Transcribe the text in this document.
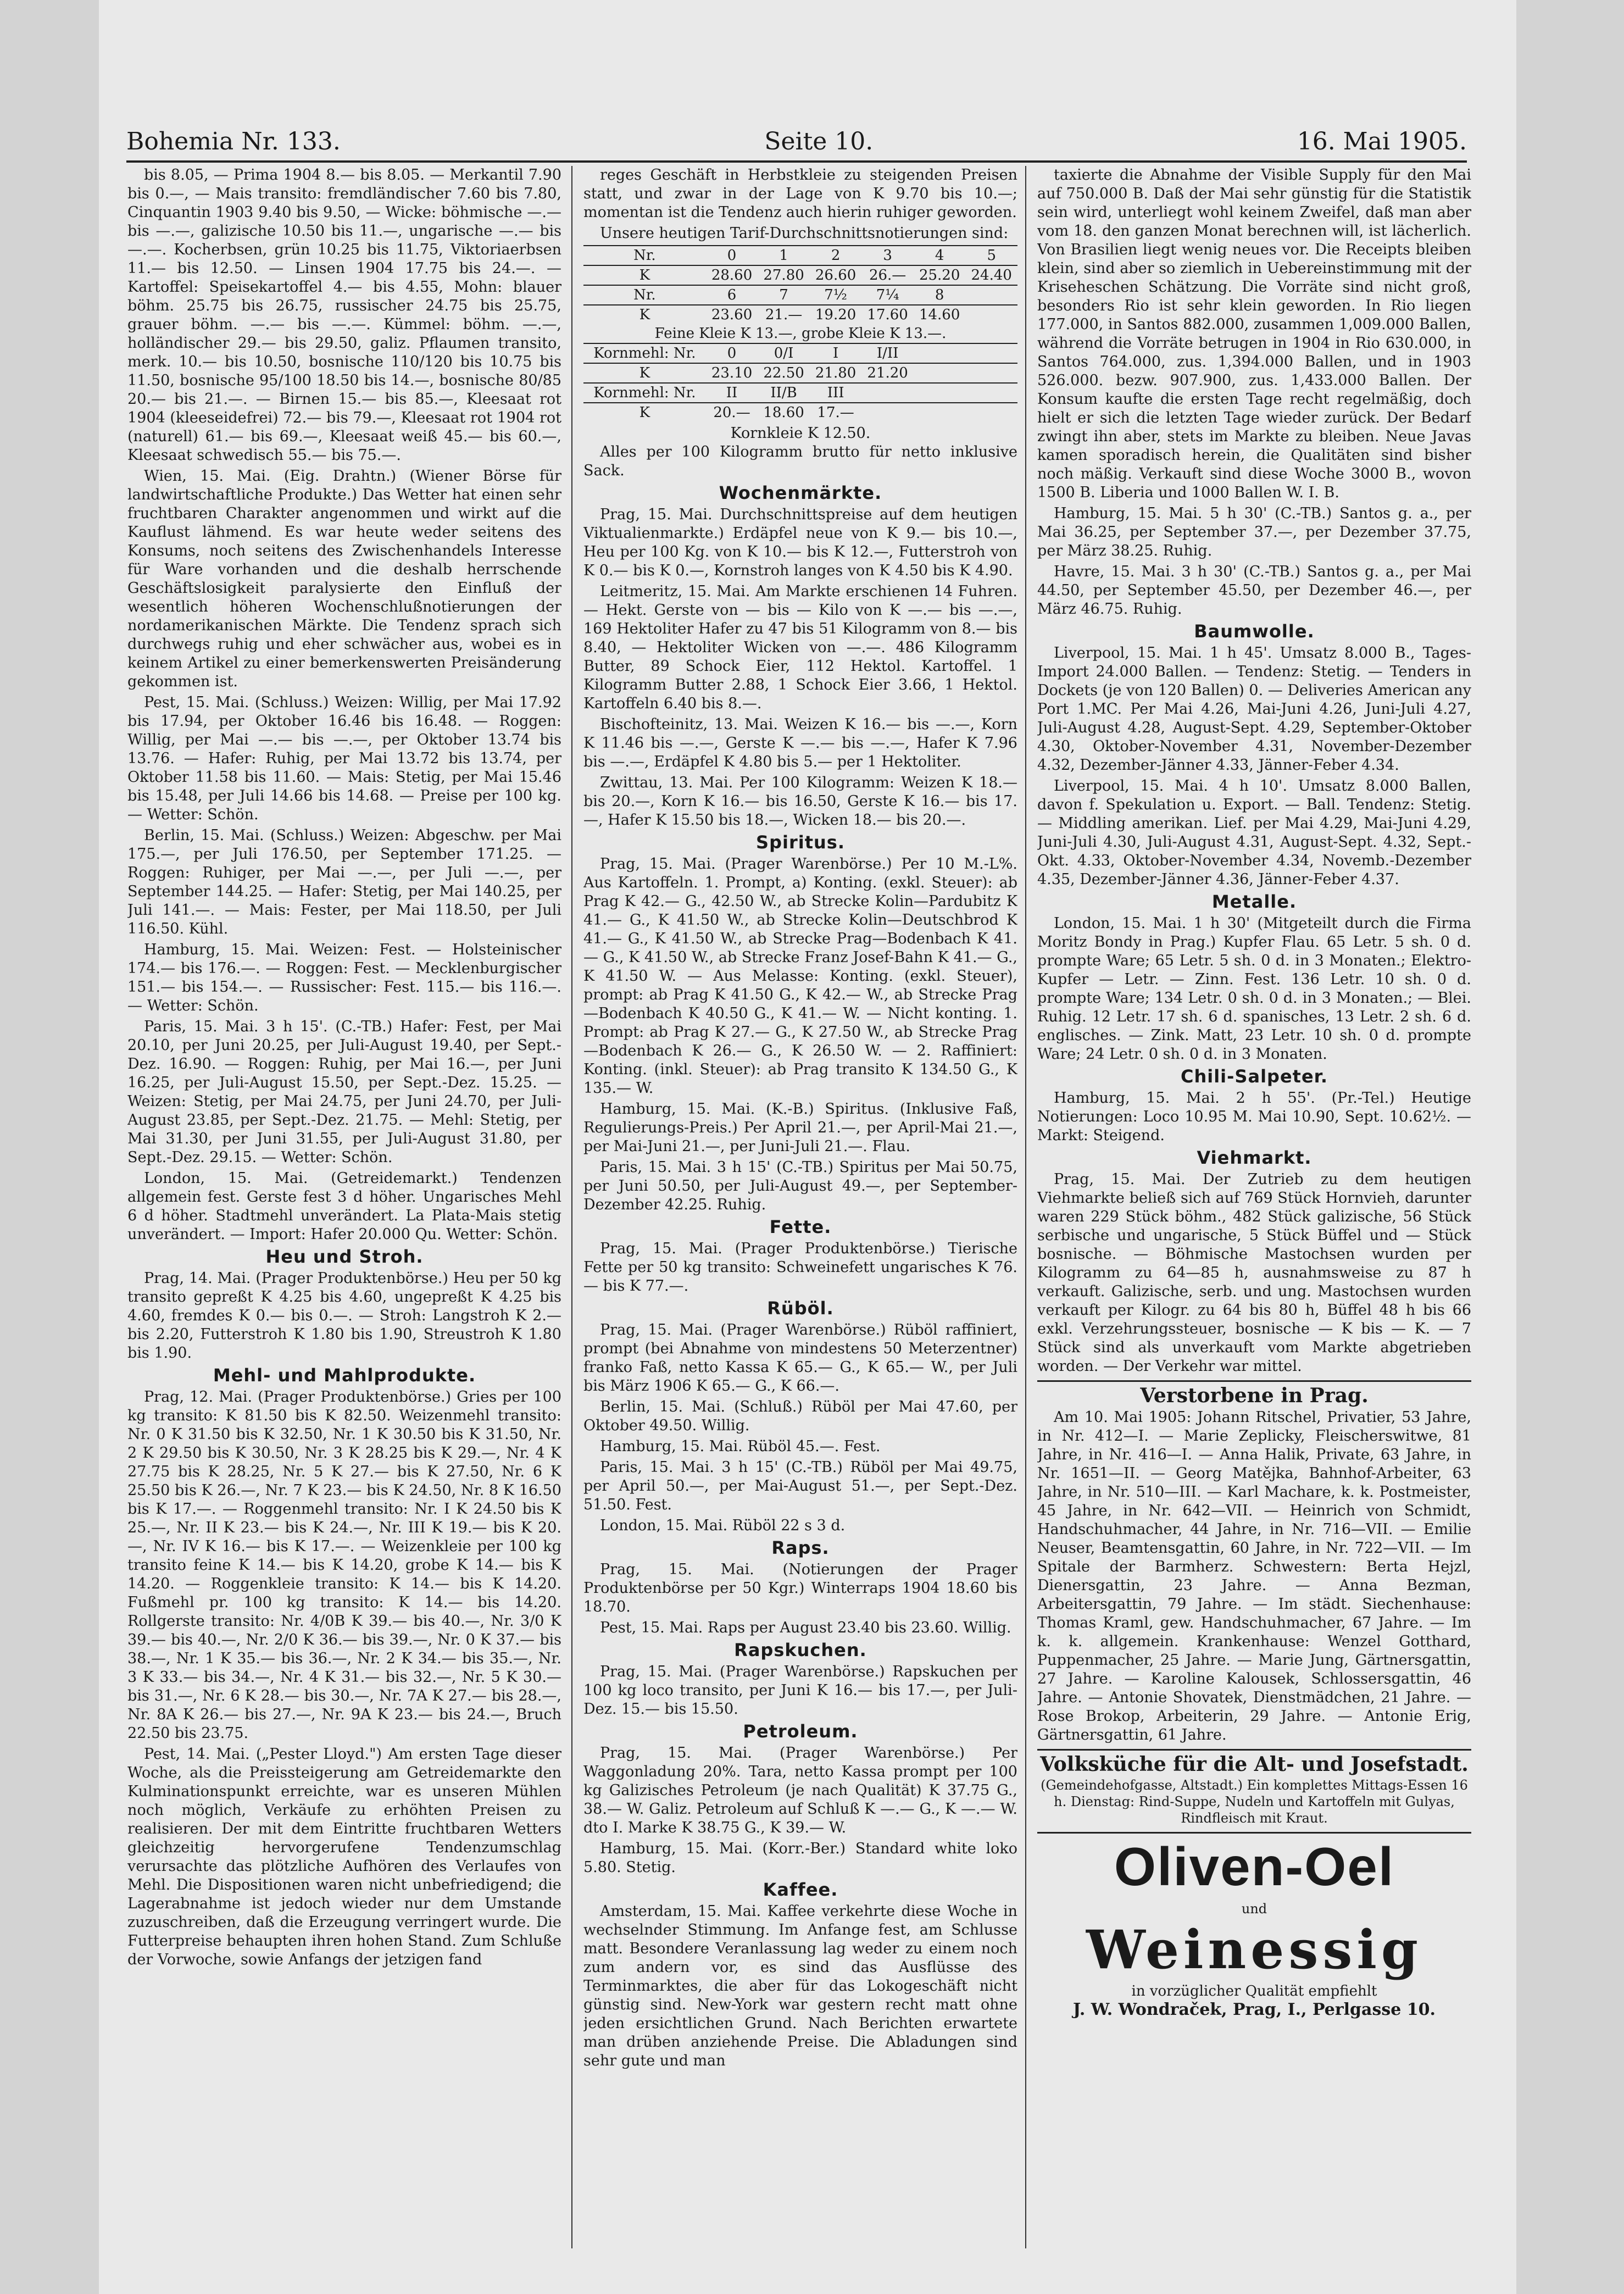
Bohemia Nr. 133.	Seite 10.	16. Mai 1905.

bis 8.05, — Prima 1904 8.— bis 8.05. — Merkantil 7.90 bis 0.—, — Mais transito: fremdländischer 7.60 bis 7.80, Cinquantin 1903 9.40 bis 9.50, — Wicke: böhmische —.— bis —.—, galizische 10.50 bis 11.—, ungarische —.— bis —.—. Kocherbsen, grün 10.25 bis 11.75, Viktoriaerbsen 11.— bis 12.50. — Linsen 1904 17.75 bis 24.—. — Kartoffel: Speisekartoffel 4.— bis 4.55, Mohn: blauer böhm. 25.75 bis 26.75, russischer 24.75 bis 25.75, grauer böhm. —.— bis —.—. Kümmel: böhm. —.—, holländischer 29.— bis 29.50, galiz. Pflaumen transito, merk. 10.— bis 10.50, bosnische 110/120 bis 10.75 bis 11.50, bosnische 95/100 18.50 bis 14.—, bosnische 80/85 20.— bis 21.—. — Birnen 15.— bis 85.—, Kleesaat rot 1904 (kleeseidefrei) 72.— bis 79.—, Kleesaat rot 1904 rot (naturell) 61.— bis 69.—, Kleesaat weiß 45.— bis 60.—, Kleesaat schwedisch 55.— bis 75.—.

Wien, 15. Mai. (Eig. Drahtn.) (Wiener Börse für landwirtschaftliche Produkte.) Das Wetter hat einen sehr fruchtbaren Charakter angenommen und wirkt auf die Kauflust lähmend. Es war heute weder seitens des Konsums, noch seitens des Zwischenhandels Interesse für Ware vorhanden und die deshalb herrschende Geschäftslosigkeit paralysierte den Einfluß der wesentlich höheren Wochenschlußnotierungen der nordamerikanischen Märkte. Die Tendenz sprach sich durchwegs ruhig und eher schwächer aus, wobei es in keinem Artikel zu einer bemerkenswerten Preisänderung gekommen ist.

Pest, 15. Mai. (Schluss.) Weizen: Willig, per Mai 17.92 bis 17.94, per Oktober 16.46 bis 16.48. — Roggen: Willig, per Mai —.— bis —.—, per Oktober 13.74 bis 13.76. — Hafer: Ruhig, per Mai 13.72 bis 13.74, per Oktober 11.58 bis 11.60. — Mais: Stetig, per Mai 15.46 bis 15.48, per Juli 14.66 bis 14.68. — Preise per 100 kg. — Wetter: Schön.

Berlin, 15. Mai. (Schluss.) Weizen: Abgeschw. per Mai 175.—, per Juli 176.50, per September 171.25. — Roggen: Ruhiger, per Mai —.—, per Juli —.—, per September 144.25. — Hafer: Stetig, per Mai 140.25, per Juli 141.—. — Mais: Fester, per Mai 118.50, per Juli 116.50. Kühl.

Hamburg, 15. Mai. Weizen: Fest. — Holsteinischer 174.— bis 176.—. — Roggen: Fest. — Mecklenburgischer 151.— bis 154.—. — Russischer: Fest. 115.— bis 116.—. — Wetter: Schön.

Paris, 15. Mai. 3 h 15'. (C.-TB.) Hafer: Fest, per Mai 20.10, per Juni 20.25, per Juli-August 19.40, per Sept.-Dez. 16.90. — Roggen: Ruhig, per Mai 16.—, per Juni 16.25, per Juli-August 15.50, per Sept.-Dez. 15.25. — Weizen: Stetig, per Mai 24.75, per Juni 24.70, per Juli-August 23.85, per Sept.-Dez. 21.75. — Mehl: Stetig, per Mai 31.30, per Juni 31.55, per Juli-August 31.80, per Sept.-Dez. 29.15. — Wetter: Schön.

London, 15. Mai. (Getreidemarkt.) Tendenzen allgemein fest. Gerste fest 3 d höher. Ungarisches Mehl 6 d höher. Stadtmehl unverändert. La Plata-Mais stetig unverändert. — Import: Hafer 20.000 Qu. Wetter: Schön.

Heu und Stroh.

Prag, 14. Mai. (Prager Produktenbörse.) Heu per 50 kg transito gepreßt K 4.25 bis 4.60, ungepreßt K 4.25 bis 4.60, fremdes K 0.— bis 0.—. — Stroh: Langstroh K 2.— bis 2.20, Futterstroh K 1.80 bis 1.90, Streustroh K 1.80 bis 1.90.

Mehl- und Mahlprodukte.

Prag, 12. Mai. (Prager Produktenbörse.) Gries per 100 kg transito: K 81.50 bis K 82.50. Weizenmehl transito: Nr. 0 K 31.50 bis K 32.50, Nr. 1 K 30.50 bis K 31.50, Nr. 2 K 29.50 bis K 30.50, Nr. 3 K 28.25 bis K 29.—, Nr. 4 K 27.75 bis K 28.25, Nr. 5 K 27.— bis K 27.50, Nr. 6 K 25.50 bis K 26.—, Nr. 7 K 23.— bis K 24.50, Nr. 8 K 16.50 bis K 17.—. — Roggenmehl transito: Nr. I K 24.50 bis K 25.—, Nr. II K 23.— bis K 24.—, Nr. III K 19.— bis K 20.—, Nr. IV K 16.— bis K 17.—. — Weizenkleie per 100 kg transito feine K 14.— bis K 14.20, grobe K 14.— bis K 14.20. — Roggenkleie transito: K 14.— bis K 14.20. Fußmehl pr. 100 kg transito: K 14.— bis 14.20. Rollgerste transito: Nr. 4/0B K 39.— bis 40.—, Nr. 3/0 K 39.— bis 40.—, Nr. 2/0 K 36.— bis 39.—, Nr. 0 K 37.— bis 38.—, Nr. 1 K 35.— bis 36.—, Nr. 2 K 34.— bis 35.—, Nr. 3 K 33.— bis 34.—, Nr. 4 K 31.— bis 32.—, Nr. 5 K 30.— bis 31.—, Nr. 6 K 28.— bis 30.—, Nr. 7A K 27.— bis 28.—, Nr. 8A K 26.— bis 27.—, Nr. 9A K 23.— bis 24.—, Bruch 22.50 bis 23.75.

Pest, 14. Mai. („Pester Lloyd.") Am ersten Tage dieser Woche, als die Preissteigerung am Getreidemarkte den Kulminationspunkt erreichte, war es unseren Mühlen noch möglich, Verkäufe zu erhöhten Preisen zu realisieren. Der mit dem Eintritte fruchtbaren Wetters gleichzeitig hervorgerufene Tendenzumschlag verursachte das plötzliche Aufhören des Verlaufes von Mehl. Die Dispositionen waren nicht unbefriedigend; die Lagerabnahme ist jedoch wieder nur dem Umstande zuzuschreiben, daß die Erzeugung verringert wurde. Die Futterpreise behaupten ihren hohen Stand. Zum Schluße der Vorwoche, sowie Anfangs der jetzigen fand

reges Geschäft in Herbstkleie zu steigenden Preisen statt, und zwar in der Lage von K 9.70 bis 10.—; momentan ist die Tendenz auch hierin ruhiger geworden.

Unsere heutigen Tarif-Durchschnittsnotierungen sind:

Nr.	0	1	2	3	4	5
K	28.60	27.80	26.60	26.—	25.20	24.40
Nr.	6	7	7½	7¼	8	
K	23.60	21.—	19.20	17.60	14.60	
Feine Kleie K 13.—, grobe Kleie K 13.—.						
Kornmehl: Nr.	0	0/I	I	I/II		
K	23.10	22.50	21.80	21.20		
Kornmehl: Nr.	II	II/B	III			
K	20.—	18.60	17.—			
Kornkleie K 12.50.

Alles per 100 Kilogramm brutto für netto inklusive Sack.

Wochenmärkte.

Prag, 15. Mai. Durchschnittspreise auf dem heutigen Viktualienmarkte.) Erdäpfel neue von K 9.— bis 10.—, Heu per 100 Kg. von K 10.— bis K 12.—, Futterstroh von K 0.— bis K 0.—, Kornstroh langes von K 4.50 bis K 4.90.

Leitmeritz, 15. Mai. Am Markte erschienen 14 Fuhren. — Hekt. Gerste von — bis — Kilo von K —.— bis —.—, 169 Hektoliter Hafer zu 47 bis 51 Kilogramm von 8.— bis 8.40, — Hektoliter Wicken von —.—. 486 Kilogramm Butter, 89 Schock Eier, 112 Hektol. Kartoffel. 1 Kilogramm Butter 2.88, 1 Schock Eier 3.66, 1 Hektol. Kartoffeln 6.40 bis 8.—.

Bischofteinitz, 13. Mai. Weizen K 16.— bis —.—, Korn K 11.46 bis —.—, Gerste K —.— bis —.—, Hafer K 7.96 bis —.—, Erdäpfel K 4.80 bis 5.— per 1 Hektoliter.

Zwittau, 13. Mai. Per 100 Kilogramm: Weizen K 18.— bis 20.—, Korn K 16.— bis 16.50, Gerste K 16.— bis 17.—, Hafer K 15.50 bis 18.—, Wicken 18.— bis 20.—.

Spiritus.

Prag, 15. Mai. (Prager Warenbörse.) Per 10 M.-L%. Aus Kartoffeln. 1. Prompt, a) Konting. (exkl. Steuer): ab Prag K 42.— G., 42.50 W., ab Strecke Kolin—Pardubitz K 41.— G., K 41.50 W., ab Strecke Kolin—Deutschbrod K 41.— G., K 41.50 W., ab Strecke Prag—Bodenbach K 41.— G., K 41.50 W., ab Strecke Franz Josef-Bahn K 41.— G., K 41.50 W. — Aus Melasse: Konting. (exkl. Steuer), prompt: ab Prag K 41.50 G., K 42.— W., ab Strecke Prag—Bodenbach K 40.50 G., K 41.— W. — Nicht konting. 1. Prompt: ab Prag K 27.— G., K 27.50 W., ab Strecke Prag—Bodenbach K 26.— G., K 26.50 W. — 2. Raffiniert: Konting. (inkl. Steuer): ab Prag transito K 134.50 G., K 135.— W.

Hamburg, 15. Mai. (K.-B.) Spiritus. (Inklusive Faß, Regulierungs-Preis.) Per April 21.—, per April-Mai 21.—, per Mai-Juni 21.—, per Juni-Juli 21.—. Flau.

Paris, 15. Mai. 3 h 15' (C.-TB.) Spiritus per Mai 50.75, per Juni 50.50, per Juli-August 49.—, per September-Dezember 42.25. Ruhig.

Fette.

Prag, 15. Mai. (Prager Produktenbörse.) Tierische Fette per 50 kg transito: Schweinefett ungarisches K 76.— bis K 77.—.

Rüböl.

Prag, 15. Mai. (Prager Warenbörse.) Rüböl raffiniert, prompt (bei Abnahme von mindestens 50 Meterzentner) franko Faß, netto Kassa K 65.— G., K 65.— W., per Juli bis März 1906 K 65.— G., K 66.—.

Berlin, 15. Mai. (Schluß.) Rüböl per Mai 47.60, per Oktober 49.50. Willig.

Hamburg, 15. Mai. Rüböl 45.—. Fest.

Paris, 15. Mai. 3 h 15' (C.-TB.) Rüböl per Mai 49.75, per April 50.—, per Mai-August 51.—, per Sept.-Dez. 51.50. Fest.

London, 15. Mai. Rüböl 22 s 3 d.

Raps.

Prag, 15. Mai. (Notierungen der Prager Produktenbörse per 50 Kgr.) Winterraps 1904 18.60 bis 18.70.

Pest, 15. Mai. Raps per August 23.40 bis 23.60. Willig.

Rapskuchen.

Prag, 15. Mai. (Prager Warenbörse.) Rapskuchen per 100 kg loco transito, per Juni K 16.— bis 17.—, per Juli-Dez. 15.— bis 15.50.

Petroleum.

Prag, 15. Mai. (Prager Warenbörse.) Per Waggonladung 20%. Tara, netto Kassa prompt per 100 kg Galizisches Petroleum (je nach Qualität) K 37.75 G., 38.— W. Galiz. Petroleum auf Schluß K —.— G., K —.— W. dto I. Marke K 38.75 G., K 39.— W.

Hamburg, 15. Mai. (Korr.-Ber.) Standard white loko 5.80. Stetig.

Kaffee.

Amsterdam, 15. Mai. Kaffee verkehrte diese Woche in wechselnder Stimmung. Im Anfange fest, am Schlusse matt. Besondere Veranlassung lag weder zu einem noch zum andern vor, es sind das Ausflüsse des Terminmarktes, die aber für das Lokogeschäft nicht günstig sind. New-York war gestern recht matt ohne jeden ersichtlichen Grund. Nach Berichten erwartete man drüben anziehende Preise. Die Abladungen sind sehr gute und man

taxierte die Abnahme der Visible Supply für den Mai auf 750.000 B. Daß der Mai sehr günstig für die Statistik sein wird, unterliegt wohl keinem Zweifel, daß man aber vom 18. den ganzen Monat berechnen will, ist lächerlich. Von Brasilien liegt wenig neues vor. Die Receipts bleiben klein, sind aber so ziemlich in Uebereinstimmung mit der Kriseheschen Schätzung. Die Vorräte sind nicht groß, besonders Rio ist sehr klein geworden. In Rio liegen 177.000, in Santos 882.000, zusammen 1,009.000 Ballen, während die Vorräte betrugen in 1904 in Rio 630.000, in Santos 764.000, zus. 1,394.000 Ballen, und in 1903 526.000. bezw. 907.900, zus. 1,433.000 Ballen. Der Konsum kaufte die ersten Tage recht regelmäßig, doch hielt er sich die letzten Tage wieder zurück. Der Bedarf zwingt ihn aber, stets im Markte zu bleiben. Neue Javas kamen sporadisch herein, die Qualitäten sind bisher noch mäßig. Verkauft sind diese Woche 3000 B., wovon 1500 B. Liberia und 1000 Ballen W. I. B.

Hamburg, 15. Mai. 5 h 30' (C.-TB.) Santos g. a., per Mai 36.25, per September 37.—, per Dezember 37.75, per März 38.25. Ruhig.

Havre, 15. Mai. 3 h 30' (C.-TB.) Santos g. a., per Mai 44.50, per September 45.50, per Dezember 46.—, per März 46.75. Ruhig.

Baumwolle.

Liverpool, 15. Mai. 1 h 45'. Umsatz 8.000 B., Tages-Import 24.000 Ballen. — Tendenz: Stetig. — Tenders in Dockets (je von 120 Ballen) 0. — Deliveries American any Port 1.MC. Per Mai 4.26, Mai-Juni 4.26, Juni-Juli 4.27, Juli-August 4.28, August-Sept. 4.29, September-Oktober 4.30, Oktober-November 4.31, November-Dezember 4.32, Dezember-Jänner 4.33, Jänner-Feber 4.34.

Liverpool, 15. Mai. 4 h 10'. Umsatz 8.000 Ballen, davon f. Spekulation u. Export. — Ball. Tendenz: Stetig. — Middling amerikan. Lief. per Mai 4.29, Mai-Juni 4.29, Juni-Juli 4.30, Juli-August 4.31, August-Sept. 4.32, Sept.-Okt. 4.33, Oktober-November 4.34, Novemb.-Dezember 4.35, Dezember-Jänner 4.36, Jänner-Feber 4.37.

Metalle.

London, 15. Mai. 1 h 30' (Mitgeteilt durch die Firma Moritz Bondy in Prag.) Kupfer Flau. 65 Letr. 5 sh. 0 d. prompte Ware; 65 Letr. 5 sh. 0 d. in 3 Monaten.; Elektro-Kupfer — Letr. — Zinn. Fest. 136 Letr. 10 sh. 0 d. prompte Ware; 134 Letr. 0 sh. 0 d. in 3 Monaten.; — Blei. Ruhig. 12 Letr. 17 sh. 6 d. spanisches, 13 Letr. 2 sh. 6 d. englisches. — Zink. Matt, 23 Letr. 10 sh. 0 d. prompte Ware; 24 Letr. 0 sh. 0 d. in 3 Monaten.

Chili-Salpeter.

Hamburg, 15. Mai. 2 h 55'. (Pr.-Tel.) Heutige Notierungen: Loco 10.95 M. Mai 10.90, Sept. 10.62½. — Markt: Steigend.

Viehmarkt.

Prag, 15. Mai. Der Zutrieb zu dem heutigen Viehmarkte beließ sich auf 769 Stück Hornvieh, darunter waren 229 Stück böhm., 482 Stück galizische, 56 Stück serbische und ungarische, 5 Stück Büffel und — Stück bosnische. — Böhmische Mastochsen wurden per Kilogramm zu 64—85 h, ausnahmsweise zu 87 h verkauft. Galizische, serb. und ung. Mastochsen wurden verkauft per Kilogr. zu 64 bis 80 h, Büffel 48 h bis 66 exkl. Verzehrungssteuer, bosnische — K bis — K. — 7 Stück sind als unverkauft vom Markte abgetrieben worden. — Der Verkehr war mittel.

Verstorbene in Prag.

Am 10. Mai 1905: Johann Ritschel, Privatier, 53 Jahre, in Nr. 412—I. — Marie Zeplicky, Fleischerswitwe, 81 Jahre, in Nr. 416—I. — Anna Halik, Private, 63 Jahre, in Nr. 1651—II. — Georg Matějka, Bahnhof-Arbeiter, 63 Jahre, in Nr. 510—III. — Karl Machare, k. k. Postmeister, 45 Jahre, in Nr. 642—VII. — Heinrich von Schmidt, Handschuhmacher, 44 Jahre, in Nr. 716—VII. — Emilie Neuser, Beamtensgattin, 60 Jahre, in Nr. 722—VII. — Im Spitale der Barmherz. Schwestern: Berta Hejzl, Dienersgattin, 23 Jahre. — Anna Bezman, Arbeitersgattin, 79 Jahre. — Im städt. Siechenhause: Thomas Kraml, gew. Handschuhmacher, 67 Jahre. — Im k. k. allgemein. Krankenhause: Wenzel Gotthard, Puppenmacher, 25 Jahre. — Marie Jung, Gärtnersgattin, 27 Jahre. — Karoline Kalousek, Schlossersgattin, 46 Jahre. — Antonie Shovatek, Dienstmädchen, 21 Jahre. — Rose Brokop, Arbeiterin, 29 Jahre. — Antonie Erig, Gärtnersgattin, 61 Jahre.

Volksküche für die Alt- und Josefstadt.
(Gemeindehofgasse, Altstadt.) Ein komplettes Mittags-Essen 16 h. Dienstag: Rind-Suppe, Nudeln und Kartoffeln mit Gulyas, Rindfleisch mit Kraut.
Oliven-Oel
und
Weinessig
in vorzüglicher Qualität empfiehlt
J. W. Wondraček, Prag, I., Perlgasse 10.
